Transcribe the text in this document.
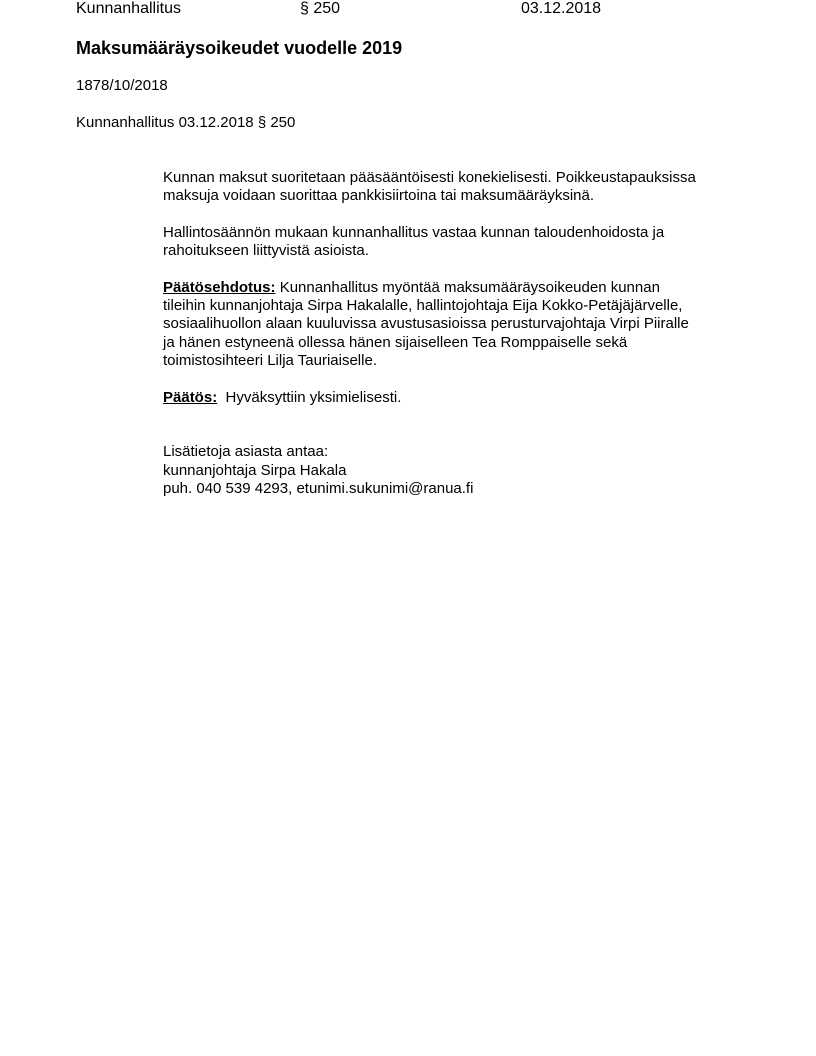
Kunnanhallitus	§ 250	03.12.2018
Maksumääräysoikeudet vuodelle 2019
1878/10/2018
Kunnanhallitus 03.12.2018 § 250

Kunnan maksut suoritetaan pääsääntöisesti konekielisesti. Poikkeustapauksissa
maksuja voidaan suorittaa pankkisiirtoina tai maksumääräyksinä.

Hallintosäännön mukaan kunnanhallitus vastaa kunnan taloudenhoidosta ja
rahoitukseen liittyvistä asioista.

Päätösehdotus: Kunnanhallitus myöntää maksumääräysoikeuden kunnan
tileihin kunnanjohtaja Sirpa Hakalalle, hallintojohtaja Eija Kokko-Petäjäjärvelle,
sosiaalihuollon alaan kuuluvissa avustusasioissa perusturvajohtaja Virpi Piiralle
ja hänen estyneenä ollessa hänen sijaiselleen Tea Romppaiselle sekä
toimistosihteeri Lilja Tauriaiselle.

Päätös: Hyväksyttiin yksimielisesti.

Lisätietoja asiasta antaa:
kunnanjohtaja Sirpa Hakala
puh. 040 539 4293, etunimi.sukunimi@ranua.fi
